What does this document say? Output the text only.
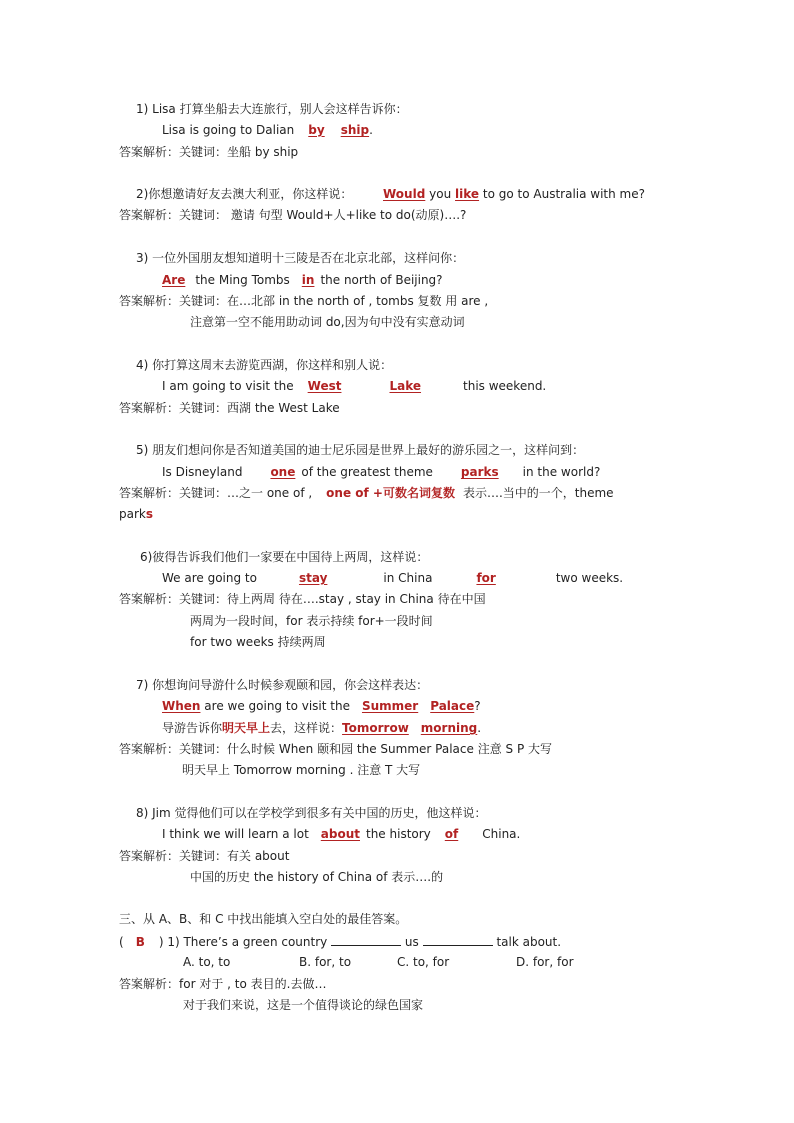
1) Lisa 打算坐船去大连旅行，别人会这样告诉你：
Lisa is going to Dalian by ship.
答案解析：关键词：坐船 by ship
2)你想邀请好友去澳大利亚，你这样说：
答案解析：关键词： 邀请 句型 Would+人+like to do(动原)….?
Would you like to go to Australia with me?
3) 一位外国朋友想知道明十三陵是否在北京北部，这样问你：
Are the Ming Tombs in the north of Beijing?
答案解析：关键词：在…北部 in the north of , tombs 复数 用 are ,
注意第一空不能用助动词 do,因为句中没有实意动词
4) 你打算这周末去游览西湖，你这样和别人说：
I am going to visit the West	Lake	this weekend.
答案解析：关键词：西湖 the West Lake
5) 朋友们想问你是否知道美国的迪士尼乐园是世界上最好的游乐园之一，这样问到：
Is Disneyland one of the greatest theme parks in the world?
答案解析：关键词：…之一 one of , one of +可数名词复数 表示….当中的一个，theme
parks
6)彼得告诉我们他们一家要在中国待上两周，这样说：
We are going to	stay	in China	for	two weeks.
答案解析：关键词：待上两周 待在….stay , stay in China 待在中国
两周为一段时间，for 表示持续 for+一段时间
for two weeks 持续两周
7) 你想询问导游什么时候参观颐和园，你会这样表达：
When are we going to visit the Summer Palace?
导游告诉你明天早上去，这样说：Tomorrow morning.
答案解析：关键词：什么时候 When 颐和园 the Summer Palace 注意 S P 大写
明天早上 Tomorrow morning . 注意 T 大写
8) Jim 觉得他们可以在学校学到很多有关中国的历史，他这样说：
I think we will learn a lot about the history of China.
答案解析：关键词：有关 about
中国的历史 the history of China of 表示….的
三、从 A、B、和 C 中找出能填入空白处的最佳答案。
( B ) 1) There’s a green country	us	talk about.
A. to, to	B. for, to	C. to, for	D. for, for
答案解析：for 对于 , to 表目的.去做…
对于我们来说，这是一个值得谈论的绿色国家
